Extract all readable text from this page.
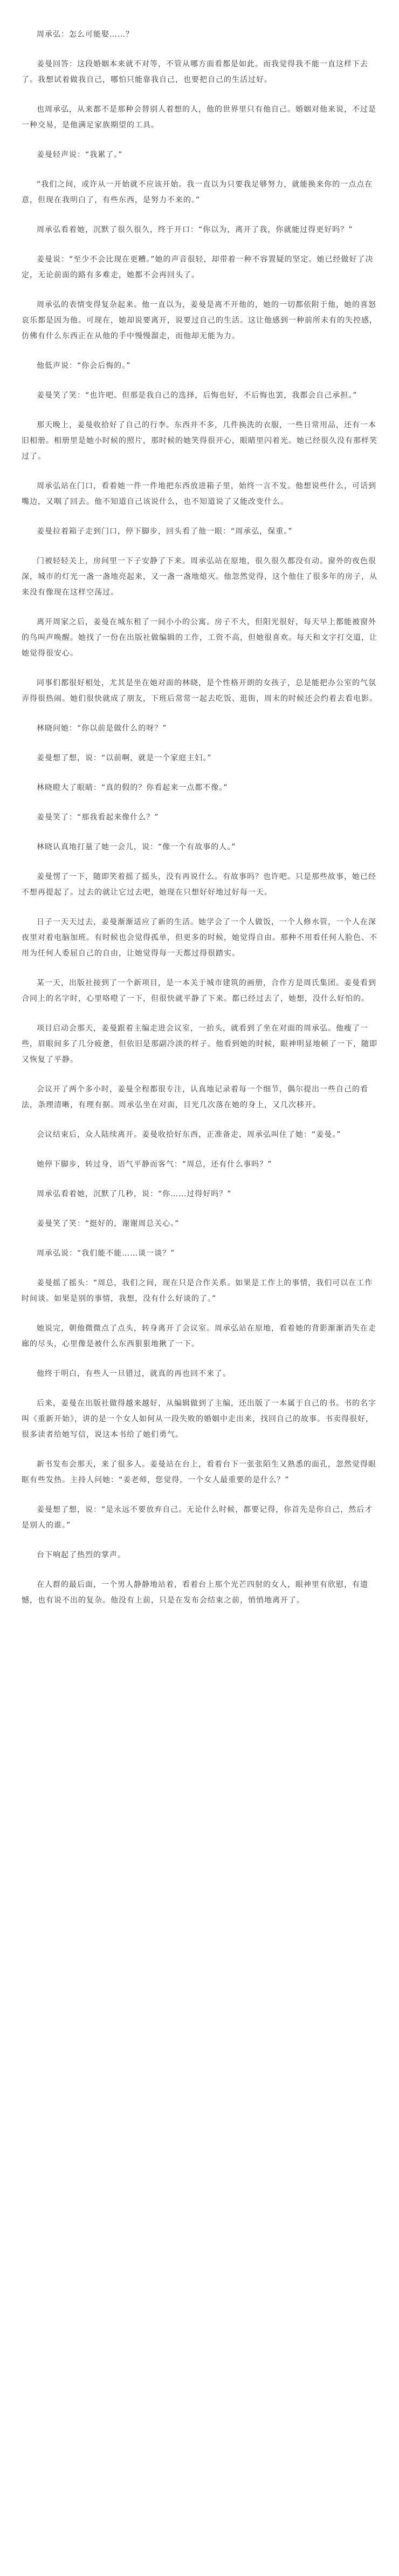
周承弘：怎么可能娶……？

姜曼回答：这段婚姻本来就不对等，不管从哪方面看都是如此。而我觉得我不能一直这样下去了。我想试着做我自己，哪怕只能靠我自己，也要把自己的生活过好。

也周承弘，从来都不是那种会替别人着想的人，他的世界里只有他自己。婚姻对他来说，不过是一种交易，是他满足家族期望的工具。

姜曼轻声说：“我累了。”

“我们之间，或许从一开始就不应该开始。我一直以为只要我足够努力，就能换来你的一点点在意，但现在我明白了，有些东西，是努力不来的。”

周承弘看着她，沉默了很久很久，终于开口：“你以为，离开了我，你就能过得更好吗？”

姜曼说：“至少不会比现在更糟。”她的声音很轻，却带着一种不容置疑的坚定。她已经做好了决定，无论前面的路有多难走，她都不会再回头了。

周承弘的表情变得复杂起来。他一直以为，姜曼是离不开他的，她的一切都依附于他，她的喜怒哀乐都是因为他。可现在，她却说要离开，说要过自己的生活。这让他感到一种前所未有的失控感，仿佛有什么东西正在从他的手中慢慢溜走，而他却无能为力。

他低声说：“你会后悔的。”

姜曼笑了笑：“也许吧。但那是我自己的选择，后悔也好，不后悔也罢，我都会自己承担。”

那天晚上，姜曼收拾好了自己的行李。东西并不多，几件换洗的衣服，一些日常用品，还有一本旧相册。相册里是她小时候的照片，那时候的她笑得很开心，眼睛里闪着光。她已经很久没有那样笑过了。

周承弘站在门口，看着她一件一件地把东西放进箱子里，始终一言不发。他想说些什么，可话到嘴边，又咽了回去。他不知道自己该说什么，也不知道说了又能改变什么。

姜曼拉着箱子走到门口，停下脚步，回头看了他一眼：“周承弘，保重。”

门被轻轻关上，房间里一下子安静了下来。周承弘站在原地，很久很久都没有动。窗外的夜色很深，城市的灯光一盏一盏地亮起来，又一盏一盏地熄灭。他忽然觉得，这个他住了很多年的房子，从来没有像现在这样空荡过。

离开周家之后，姜曼在城东租了一间小小的公寓。房子不大，但阳光很好，每天早上都能被窗外的鸟叫声唤醒。她找了一份在出版社做编辑的工作，工资不高，但她很喜欢。每天和文字打交道，让她觉得很安心。

同事们都很好相处，尤其是坐在她对面的林晓，是个性格开朗的女孩子，总是能把办公室的气氛弄得很热闹。她们很快就成了朋友，下班后常常一起去吃饭、逛街，周末的时候还会约着去看电影。

林晓问她：“你以前是做什么的呀？”

姜曼想了想，说：“以前啊，就是一个家庭主妇。”

林晓瞪大了眼睛：“真的假的？你看起来一点都不像。”

姜曼笑了：“那我看起来像什么？”

林晓认真地打量了她一会儿，说：“像一个有故事的人。”

姜曼愣了一下，随即笑着摇了摇头，没有再说什么。有故事吗？也许吧。只是那些故事，她已经不想再提起了。过去的就让它过去吧，她现在只想好好地过好每一天。

日子一天天过去，姜曼渐渐适应了新的生活。她学会了一个人做饭，一个人修水管，一个人在深夜里对着电脑加班。有时候也会觉得孤单，但更多的时候，她觉得自由。那种不用看任何人脸色、不用为任何人委屈自己的自由，让她觉得每一天都过得很踏实。

某一天，出版社接到了一个新项目，是一本关于城市建筑的画册，合作方是周氏集团。姜曼看到合同上的名字时，心里咯噔了一下，但很快就平静了下来。都已经过去了，她想，没什么好怕的。

项目启动会那天，姜曼跟着主编走进会议室，一抬头，就看到了坐在对面的周承弘。他瘦了一些，眉眼间多了几分疲惫，但依旧是那副冷淡的样子。他看到她的时候，眼神明显地顿了一下，随即又恢复了平静。

会议开了两个多小时，姜曼全程都很专注，认真地记录着每一个细节，偶尔提出一些自己的看法，条理清晰，有理有据。周承弘坐在对面，目光几次落在她的身上，又几次移开。

会议结束后，众人陆续离开。姜曼收拾好东西，正准备走，周承弘叫住了她：“姜曼。”

她停下脚步，转过身，语气平静而客气：“周总，还有什么事吗？”

周承弘看着她，沉默了几秒，说：“你……过得好吗？”

姜曼笑了笑：“挺好的，谢谢周总关心。”

周承弘说：“我们能不能……谈一谈？”

姜曼摇了摇头：“周总，我们之间，现在只是合作关系。如果是工作上的事情，我们可以在工作时间谈。如果是别的事情，我想，没有什么好谈的了。”

她说完，朝他微微点了点头，转身离开了会议室。周承弘站在原地，看着她的背影渐渐消失在走廊的尽头，心里像是被什么东西狠狠地揪了一下。

他终于明白，有些人一旦错过，就真的再也回不来了。

后来，姜曼在出版社做得越来越好，从编辑做到了主编，还出版了一本属于自己的书。书的名字叫《重新开始》，讲的是一个女人如何从一段失败的婚姻中走出来，找回自己的故事。书卖得很好，很多读者给她写信，说这本书给了她们勇气。

新书发布会那天，来了很多人。姜曼站在台上，看着台下一张张陌生又熟悉的面孔，忽然觉得眼眶有些发热。主持人问她：“姜老师，您觉得，一个女人最重要的是什么？”

姜曼想了想，说：“是永远不要放弃自己。无论什么时候，都要记得，你首先是你自己，然后才是别人的谁。”

台下响起了热烈的掌声。

在人群的最后面，一个男人静静地站着，看着台上那个光芒四射的女人，眼神里有欣慰，有遗憾，也有说不出的复杂。他没有上前，只是在发布会结束之前，悄悄地离开了。
